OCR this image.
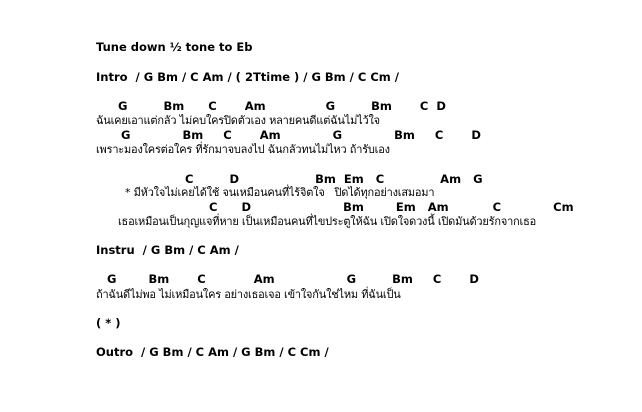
Tune down ½ tone to Eb
Intro  / G Bm / C Am / ( 2Ttime ) / G Bm / C Cm /
G         Bm      C       Am               G         Bm       C  D
ฉันเคยเอาแต่กลัว ไม่คบใครปิดตัวเอง หลายคนดีแต่ฉันไม่ไว้ใจ
G             Bm     C       Am             G             Bm     C       D
เพราะมองใครต่อใคร ที่รักมาจบลงไป ฉันกลัวทนไม่ไหว ถ้ารับเอง
C         D                   Bm  Em   C              Am   G
* มีหัวใจไม่เคยได้ใช้ จนเหมือนคนที่ไร้จิตใจ   ปิดได้ทุกอย่างเสมอมา
C      D                       Bm        Em   Am           C             Cm
เธอเหมือนเป็นกุญแจที่หาย เป็นเหมือนคนที่ไขประตูให้ฉัน เปิดใจดวงนี้ เปิดมันด้วยรักจากเธอ
Instru  / G Bm / C Am /
G        Bm       C            Am                  G         Bm     C       D
ถ้าฉันดีไม่พอ ไม่เหมือนใคร อย่างเธอเจอ เข้าใจกันใช่ไหม ที่ฉันเป็น
( * )
Outro  / G Bm / C Am / G Bm / C Cm /
